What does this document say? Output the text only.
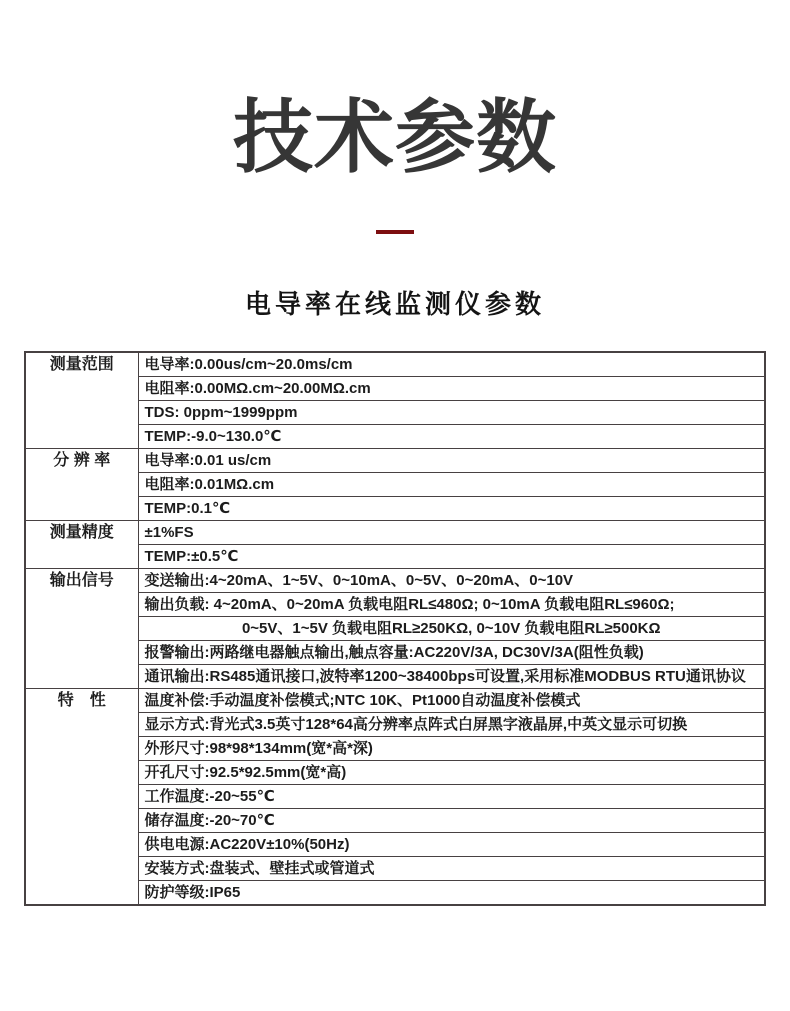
技术参数
电导率在线监测仪参数
测量范围	电导率:0.00us/cm~20.0ms/cm
	电阻率:0.00MΩ.cm~20.00MΩ.cm
	TDS: 0ppm~1999ppm
	TEMP:-9.0~130.0℃
分 辨 率	电导率:0.01 us/cm
	电阻率:0.01MΩ.cm
	TEMP:0.1℃
测量精度	±1%FS
	TEMP:±0.5℃
输出信号	变送输出:4~20mA、1~5V、0~10mA、0~5V、0~20mA、0~10V
	输出负载: 4~20mA、0~20mA 负载电阻RL≤480Ω; 0~10mA 负载电阻RL≤960Ω;
	0~5V、1~5V 负载电阻RL≥250KΩ, 0~10V 负载电阻RL≥500KΩ
	报警输出:两路继电器触点输出,触点容量:AC220V/3A, DC30V/3A(阻性负载)
	通讯输出:RS485通讯接口,波特率1200~38400bps可设置,采用标准MODBUS RTU通讯协议
特　性	温度补偿:手动温度补偿模式;NTC 10K、Pt1000自动温度补偿模式
	显示方式:背光式3.5英寸128*64高分辨率点阵式白屏黑字液晶屏,中英文显示可切换
	外形尺寸:98*98*134mm(宽*高*深)
	开孔尺寸:92.5*92.5mm(宽*高)
	工作温度:-20~55℃
	储存温度:-20~70℃
	供电电源:AC220V±10%(50Hz)
	安装方式:盘装式、壁挂式或管道式
	防护等级:IP65
